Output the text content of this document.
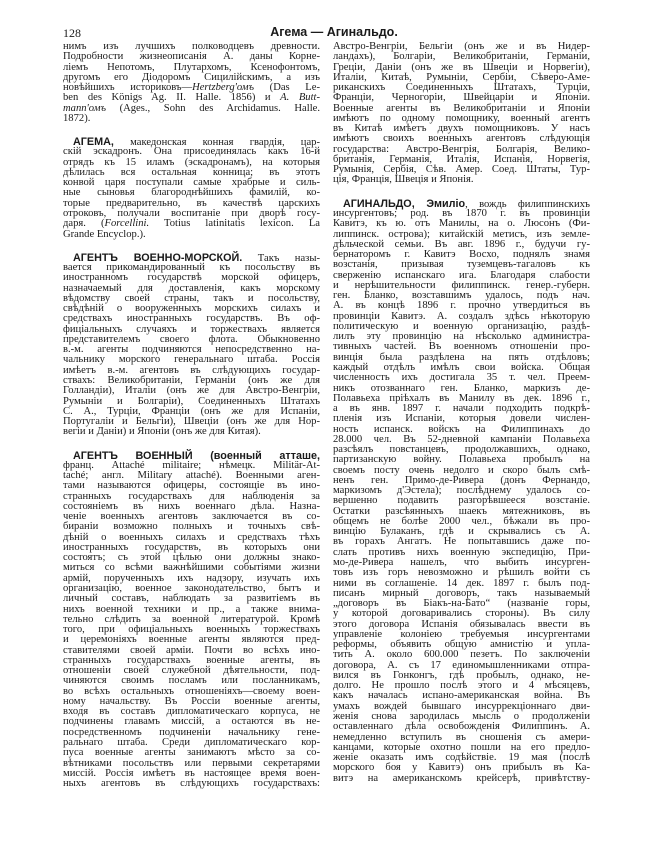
128	Агема — Агинальдо.
нимъ изъ лучшихъ полководцевъ древности.
Подробности жизнеописанія А. даны Корне-
ліемъ Непотомъ, Плутархомъ, Ксенофонтомъ,
другомъ его Діодоромъ Сицилійскимъ, а изъ
новѣйшихъ историковъ—Hertzberg'омъ (Das Le-
ben des Königs Ag. II. Halle. 1856) и A. Butt-
mann'омъ (Ages., Sohn des Archidamus. Halle.
1872).
АГЕМА, македонская конная гвардія, цар-
скій эскадронъ. Она присоединялась какъ 16-й
отрядъ къ 15 иламъ (эскадронамъ), на которыя
дѣлилась вся остальная конница; въ этотъ
конвой царя поступали самые храбрые и силь-
ные сыновья благороднѣйшихъ фамилій, ко-
торые предварительно, въ качествѣ царскихъ
отроковъ, получали воспитаніе при дворѣ госу-
даря. (Forcellini. Totius latinitatis lexicon. La
Grande Encyclop.).
АГЕНТЪ ВОЕННО-МОРСКОЙ. Такъ назы-
вается прикомандированный къ посольству въ
иностранномъ государствѣ морской офицеръ,
назначаемый для доставленія, какъ морскому
вѣдомству своей страны, такъ и посольству,
свѣдѣній о вооруженныхъ морскихъ силахъ и
средствахъ иностранныхъ государствъ. Въ оф-
фиціальныхъ случаяхъ и торжествахъ является
представителемъ своего флота. Обыкновенно
в.-м. агенты подчиняются непосредственно на-
чальнику морского генеральнаго штаба. Россія
имѣетъ в.-м. агентовъ въ слѣдующихъ государ-
ствахъ: Великобританіи, Германіи (онъ же для
Голландіи), Италіи (онъ же для Австро-Венгріи,
Румыніи и Болгаріи), Соединенныхъ Штатахъ
С. А., Турціи, Франціи (онъ же для Испаніи,
Португаліи и Бельгіи), Швеціи (онъ же для Нор-
вегіи и Даніи) и Японіи (онъ же для Китая).
АГЕНТЪ ВОЕННЫЙ (военный атташе,
франц. Attaché militaire; нѣмецк. Militär-At-
taché; англ. Military attaché). Военными аген-
тами называются офицеры, состоящіе въ ино-
странныхъ государствахъ для наблюденія за
состояніемъ въ нихъ военнаго дѣла. Назна-
ченіе военныхъ агентовъ заключается въ со-
бираніи возможно полныхъ и точныхъ свѣ-
дѣній о военныхъ силахъ и средствахъ тѣхъ
иностранныхъ государствъ, въ которыхъ они
состоятъ; съ этой цѣлью они должны знако-
миться со всѣми важнѣйшими событіями жизни
армій, порученныхъ ихъ надзору, изучать ихъ
организацію, военное законодательство, бытъ и
личный составъ, наблюдать за развитіемъ въ
нихъ военной техники и пр., а также внима-
тельно слѣдить за военной литературой. Кромѣ
того, при офиціальныхъ военныхъ торжествахъ
и церемоніяхъ военные агенты являются пред-
ставителями своей арміи. Почти во всѣхъ ино-
странныхъ государствахъ военные агенты, въ
отношеніи своей служебной дѣятельности, под-
чиняются своимъ посламъ или посланникамъ,
во всѣхъ остальныхъ отношеніяхъ—своему воен-
ному начальству. Въ Россіи военные агенты,
входя въ составъ дипломатическаго корпуса, не
подчинены главамъ миссій, а остаются въ не-
посредственномъ подчиненіи начальнику гене-
ральнаго штаба. Среди дипломатическаго кор-
пуса военные агенты занимаютъ мѣсто за со-
вѣтниками посольствъ или первыми секретарями
миссій. Россія имѣетъ въ настоящее время воен-
ныхъ агентовъ въ слѣдующихъ государствахъ:
Австро-Венгріи, Бельгіи (онъ же и въ Нидер-
ландахъ), Болгаріи, Великобританіи, Германіи,
Греціи, Даніи (онъ же въ Швеціи и Норвегіи),
Италіи, Китаѣ, Румыніи, Сербіи, Сѣверо-Аме-
риканскихъ Соединенныхъ Штатахъ, Турціи,
Франціи, Черногоріи, Швейцаріи и Японіи.
Военные агенты въ Великобританіи и Японіи
имѣютъ по одному помощнику, военный агентъ
въ Китаѣ имѣетъ двухъ помощниковъ. У насъ
имѣютъ своихъ военныхъ агентовъ слѣдующія
государства: Австро-Венгрія, Болгарія, Велико-
британія, Германія, Италія, Испанія, Норвегія,
Румынія, Сербія, Сѣв. Амер. Соед. Штаты, Тур-
ція, Франція, Швеція и Японія.
АГИНАЛЬДО, Эмиліо, вождь филиппинскихъ
инсургентовъ; род. въ 1870 г. въ провинціи
Кавитэ, къ ю. отъ Манилы, на о. Люсонъ (Фи-
липпинск. острова); китайскій метисъ, изъ земле-
дѣльческой семьи. Въ авг. 1896 г., будучи гу-
бернаторомъ г. Кавитэ Восхо, поднялъ знамя
возстанія, призывая туземцевъ-тагаловъ къ
сверженію испанскаго ига. Благодаря слабости
и нерѣшительности филиппинск. генер.-губерн.
ген. Бланко, возставшимъ удалось, подъ нач.
А. въ концѣ 1896 г. прочно утвердиться въ
провинціи Кавитэ. А. создалъ здѣсь нѣкоторую
политическую и военную организацію, раздѣ-
лилъ эту провинцію на нѣсколько администра-
тивныхъ частей. Въ военномъ отношеніи про-
винція была раздѣлена на пять отдѣловъ;
каждый отдѣлъ имѣлъ свои войска. Общая
численность ихъ достигала 35 т. чел. Преем-
никъ отозваннаго ген. Бланко, маркизъ де-
Полавьеха пріѣхалъ въ Манилу въ дек. 1896 г.,
а въ янв. 1897 г. начали подходить подкрѣ-
пленія изъ Испаніи, которыя довели числен-
ность испанск. войскъ на Филиппинахъ до
28.000 чел. Въ 52-дневной кампаніи Полавьеха
разсѣялъ повстанцевъ, продолжавшихъ, однако,
партизанскую войну. Полавьеха пробылъ на
своемъ посту очень недолго и скоро былъ смѣ-
ненъ ген. Примо-де-Ривера (донъ Фернандо,
маркизомъ д'Эстела); послѣднему удалось со-
вершенно подавить разгорѣвшееся возстаніе.
Остатки разсѣянныхъ шаекъ мятежниковъ, въ
общемъ не болѣе 2000 чел., бѣжали въ про-
винцію Булаканъ, гдѣ и скрывались съ А.
въ горахъ Ангатъ. Не попытавшись даже по-
слать противъ нихъ военную экспедицію, При-
мо-де-Ривера нашелъ, что выбить инсурген-
товъ изъ горъ невозможно и рѣшилъ войти съ
ними въ соглашеніе. 14 дек. 1897 г. былъ под-
писанъ мирный договоръ, такъ называемый
„договоръ въ Біакъ-на-Бато“ (названіе горы,
у которой договаривались стороны). Въ силу
этого договора Испанія обязывалась ввести въ
управленіе колоніею требуемыя инсургентами
реформы, объявить общую амнистію и упла-
тить А. около 600.000 пезетъ. По заключеніи
договора, А. съ 17 единомышленниками отпра-
вился въ Гонконгъ, гдѣ пробылъ, однако, не-
долго. Не прошло послѣ этого и 4 мѣсяцевъ,
какъ началась испано-американская война. Въ
умахъ вождей бывшаго инсуррекціоннаго дви-
женія снова зародилась мысль о продолженіи
оставленнаго дѣла освобожденія Филиппинъ. А.
немедленно вступилъ въ сношенія съ амери-
канцами, которые охотно пошли на его предло-
женіе оказать имъ содѣйствіе. 19 мая (послѣ
морского боя у Кавитэ) онъ прибылъ въ Ка-
витэ на американскомъ крейсерѣ, привѣтству-
